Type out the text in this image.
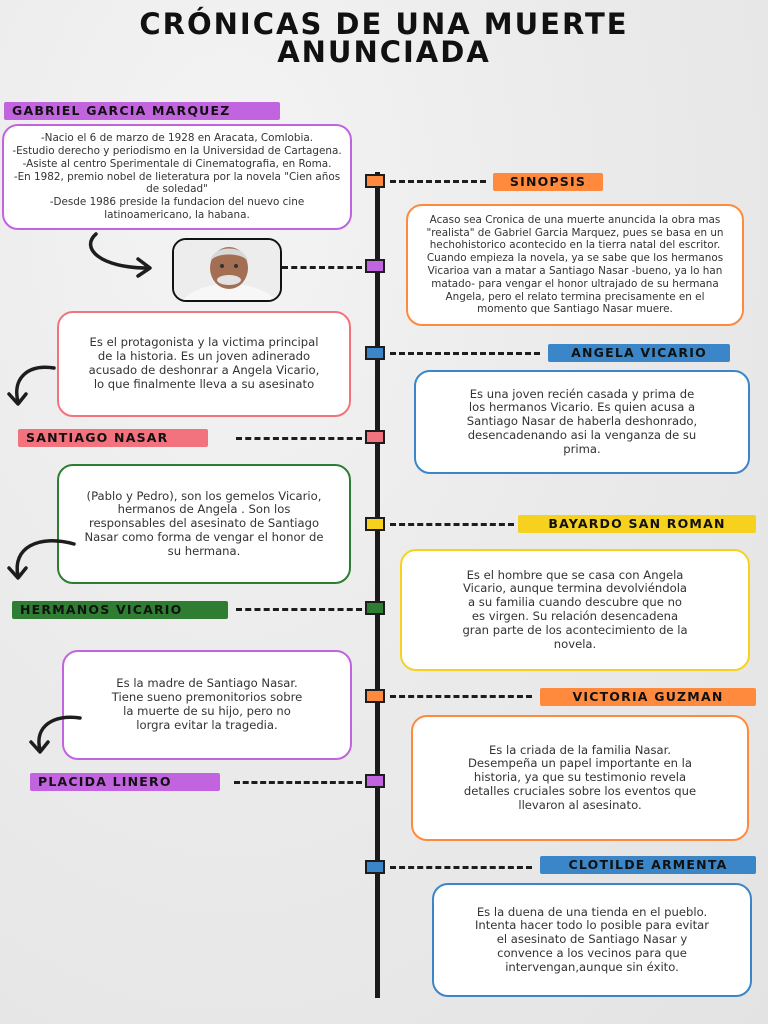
CRÓNICAS DE UNA MUERTE
ANUNCIADA
GABRIEL GARCIA MARQUEZ
-Nacio el 6 de marzo de 1928 en Aracata, Comlobia.
-Estudio derecho y periodismo en la Universidad de Cartagena.
-Asiste al centro Sperimentale di Cinematografia, en Roma.
-En 1982, premio nobel de lieteratura por la novela "Cien años de soledad"
-Desde 1986 preside la fundacion del nuevo cine latinoamericano, la habana.
SINOPSIS
Acaso sea Cronica de una muerte anuncida la obra mas "realista" de Gabriel Garcia Marquez, pues se basa en un hechohistorico acontecido en la tierra natal del escritor. Cuando empieza la novela, ya se sabe que los hermanos Vicarioa van a matar a Santiago Nasar -bueno, ya lo han matado- para vengar el honor ultrajado de su hermana Angela, pero el relato termina precisamente en el momento que Santiago Nasar muere.
Es el protagonista y la victima principal de la historia. Es un joven adinerado acusado de deshonrar a Angela Vicario, lo que finalmente lleva a su asesinato
SANTIAGO NASAR
ANGELA VICARIO
Es una joven recién casada y prima de los hermanos Vicario. Es quien acusa a Santiago Nasar de haberla deshonrado, desencadenando asi la venganza de su prima.
(Pablo y Pedro), son los gemelos Vicario, hermanos de Angela . Son los responsables del asesinato de Santiago Nasar como forma de vengar el honor de su hermana.
HERMANOS VICARIO
BAYARDO SAN ROMAN
Es el hombre que se casa con Angela Vicario, aunque termina devolviéndola a su familia cuando descubre que no es virgen. Su relación desencadena gran parte de los acontecimiento de la novela.
Es la madre de Santiago Nasar. Tiene sueno premonitorios sobre la muerte de su hijo, pero no lorgra evitar la tragedia.
PLACIDA LINERO
VICTORIA GUZMAN
Es la criada de la familia Nasar. Desempeña un papel importante en la historia, ya que su testimonio revela detalles cruciales sobre los eventos que llevaron al asesinato.
CLOTILDE ARMENTA
Es la duena de una tienda en el pueblo. Intenta hacer todo lo posible para evitar el asesinato de Santiago Nasar y convence a los vecinos para que intervengan,aunque sin éxito.
